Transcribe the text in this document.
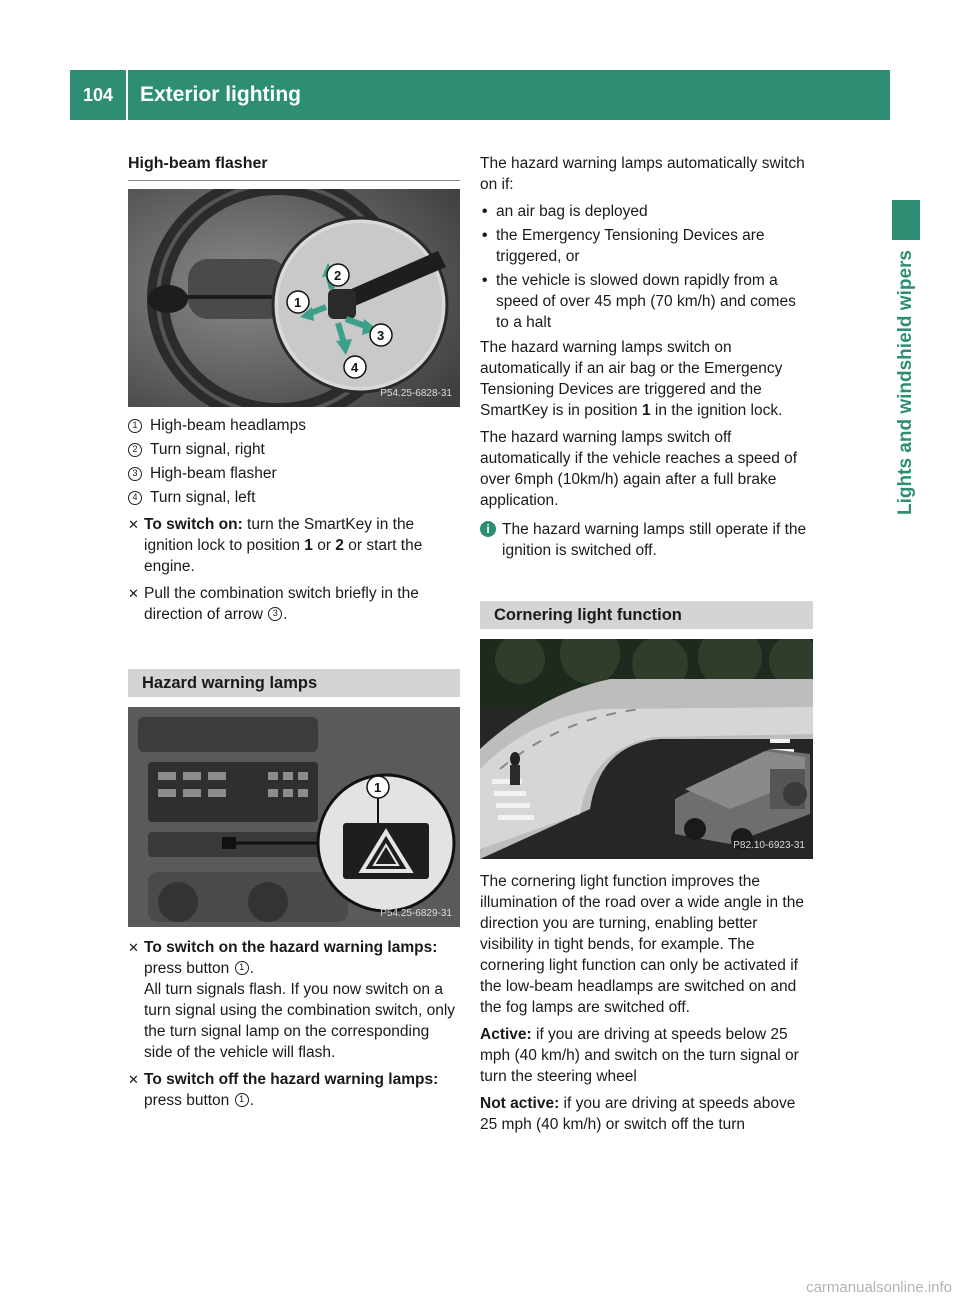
104	Exterior lighting
Lights and windshield wipers
High-beam flasher
1
2
3
4
P54.25-6828-31
1 High-beam headlamps
2 Turn signal, right
3 High-beam flasher
4 Turn signal, left
✕ To switch on: turn the SmartKey in the ignition lock to position 1 or 2 or start the engine.
✕ Pull the combination switch briefly in the direction of arrow 3 .
Hazard warning lamps
1
P54.25-6829-31
✕ To switch on the hazard warning lamps:
press button 1 .
All turn signals flash. If you now switch on a turn signal using the combination switch, only the turn signal lamp on the corresponding side of the vehicle will flash.
✕ To switch off the hazard warning lamps: press button 1 .

The hazard warning lamps automatically switch on if:

• an air bag is deployed
• the Emergency Tensioning Devices are triggered, or
• the vehicle is slowed down rapidly from a speed of over 45 mph (70 km/h) and comes to a halt

The hazard warning lamps switch on automatically if an air bag or the Emergency Tensioning Devices are triggered and the SmartKey is in position 1 in the ignition lock.

The hazard warning lamps switch off automatically if the vehicle reaches a speed of over 6mph (10km/h) again after a full brake application.

i The hazard warning lamps still operate if the ignition is switched off.
Cornering light function
P82.10-6923-31

The cornering light function improves the illumination of the road over a wide angle in the direction you are turning, enabling better visibility in tight bends, for example. The cornering light function can only be activated if the low-beam headlamps are switched on and the fog lamps are switched off.

Active: if you are driving at speeds below 25 mph (40 km/h) and switch on the turn signal or turn the steering wheel

Not active: if you are driving at speeds above 25 mph (40 km/h) or switch off the turn

carmanualsonline.info
